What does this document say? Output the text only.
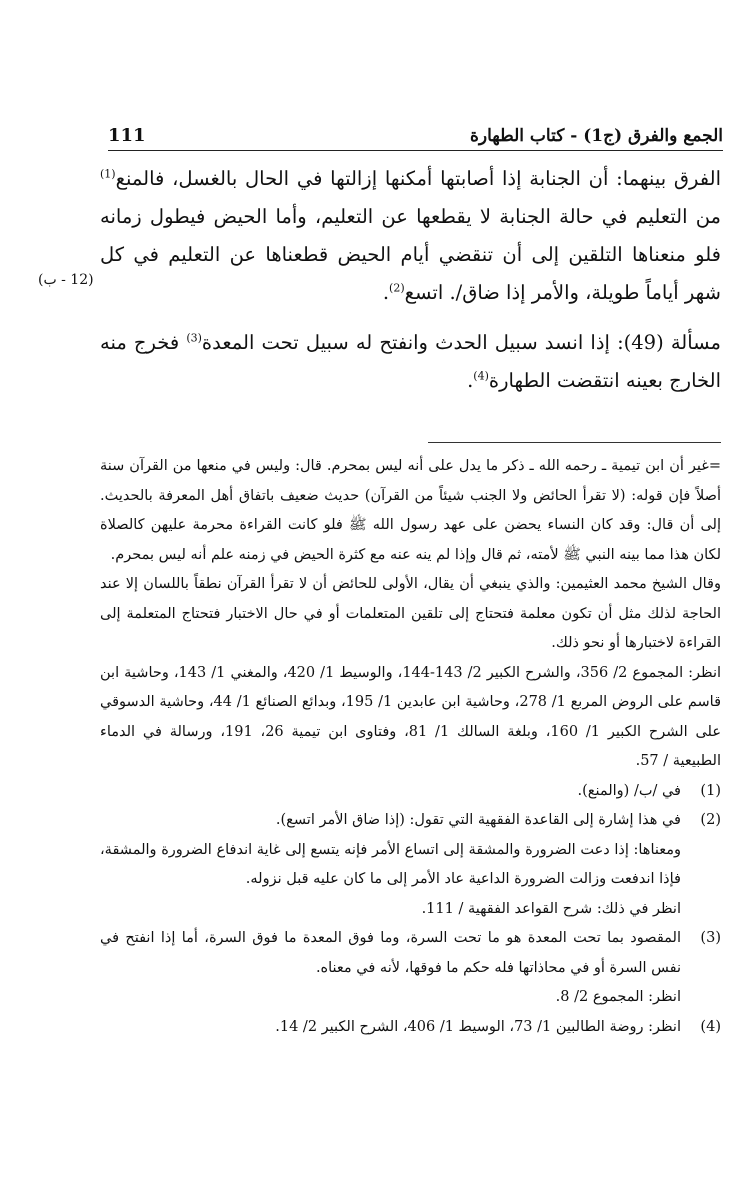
الجمع والفرق (ج1) - كتاب الطهارة
111

الفرق بينهما: أن الجنابة إذا أصابتها أمكنها إزالتها في الحال بالغسل، فالمنع$^{(1)}$ من التعليم في حالة الجنابة لا يقطعها عن التعليم، وأما الحيض فيطول زمانه فلو منعناها التلقين إلى أن تنقضي أيام الحيض قطعناها عن التعليم في كل شهر أياماً طويلة، والأمر إذا ضاق/. اتسع$^{(2)}$.

مسألة (49): إذا انسد سبيل الحدث وانفتح له سبيل تحت المعدة$^{(3)}$ فخرج منه الخارج بعينه انتقضت الطهارة$^{(4)}$.

(12 - ب)

=غير أن ابن تيمية ـ رحمه الله ـ ذكر ما يدل على أنه ليس بمحرم. قال: وليس في منعها من القرآن سنة أصلاً فإن قوله: (لا تقرأ الحائض ولا الجنب شيئاً من القرآن) حديث ضعيف باتفاق أهل المعرفة بالحديث. إلى أن قال: وقد كان النساء يحضن على عهد رسول الله ﷺ فلو كانت القراءة محرمة عليهن كالصلاة لكان هذا مما بينه النبي ﷺ لأمته، ثم قال وإذا لم ينه عنه مع كثرة الحيض في زمنه علم أنه ليس بمحرم.

وقال الشيخ محمد العثيمين: والذي ينبغي أن يقال، الأولى للحائض أن لا تقرأ القرآن نطقاً باللسان إلا عند الحاجة لذلك مثل أن تكون معلمة فتحتاج إلى تلقين المتعلمات أو في حال الاختبار فتحتاج المتعلمة إلى القراءة لاختبارها أو نحو ذلك.

انظر: المجموع 2/ 356، والشرح الكبير 2/ 143-144، والوسيط 1/ 420، والمغني 1/ 143، وحاشية ابن قاسم على الروض المربع 1/ 278، وحاشية ابن عابدين 1/ 195، وبدائع الصنائع 1/ 44، وحاشية الدسوقي على الشرح الكبير 1/ 160، وبلغة السالك 1/ 81، وفتاوى ابن تيمية 26، 191، ورسالة في الدماء الطبيعية / 57.

(1)

في /ب/ (والمنع).

(2)

في هذا إشارة إلى القاعدة الفقهية التي تقول: (إذا ضاق الأمر اتسع).

ومعناها: إذا دعت الضرورة والمشقة إلى اتساع الأمر فإنه يتسع إلى غاية اندفاع الضرورة والمشقة، فإذا اندفعت وزالت الضرورة الداعية عاد الأمر إلى ما كان عليه قبل نزوله.

انظر في ذلك: شرح القواعد الفقهية / 111.

(3)

المقصود بما تحت المعدة هو ما تحت السرة، وما فوق المعدة ما فوق السرة، أما إذا انفتح في نفس السرة أو في محاذاتها فله حكم ما فوقها، لأنه في معناه.

انظر: المجموع 2/ 8.

(4)

انظر: روضة الطالبين 1/ 73، الوسيط 1/ 406، الشرح الكبير 2/ 14.
